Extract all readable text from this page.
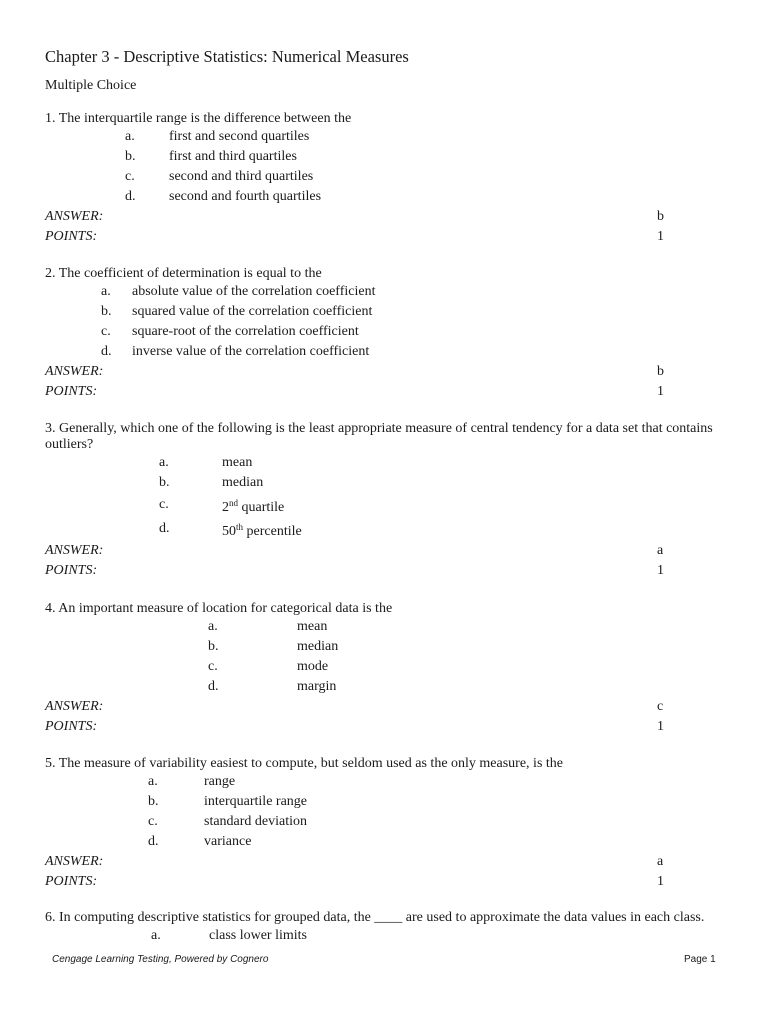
Chapter 3 - Descriptive Statistics: Numerical Measures
Multiple Choice
1. The interquartile range is the difference between the
a. first and second quartiles
b. first and third quartiles
c. second and third quartiles
d. second and fourth quartiles
ANSWER:	b
POINTS:	1
2. The coefficient of determination is equal to the
a. absolute value of the correlation coefficient
b. squared value of the correlation coefficient
c. square-root of the correlation coefficient
d. inverse value of the correlation coefficient
ANSWER:	b
POINTS:	1
3. Generally, which one of the following is the least appropriate measure of central tendency for a data set that contains outliers?
a.	mean
b.	median
c.	2nd quartile
d.	50th percentile
ANSWER:	a
POINTS:	1
4. An important measure of location for categorical data is the
a.	mean
b.	median
c.	mode
d.	margin
ANSWER:	c
POINTS:	1
5. The measure of variability easiest to compute, but seldom used as the only measure, is the
a.	range
b.	interquartile range
c.	standard deviation
d.	variance
ANSWER:	a
POINTS:	1
6. In computing descriptive statistics for grouped data, the ____ are used to approximate the data values in each class.
a.	class lower limits
Cengage Learning Testing, Powered by Cognero	Page 1
